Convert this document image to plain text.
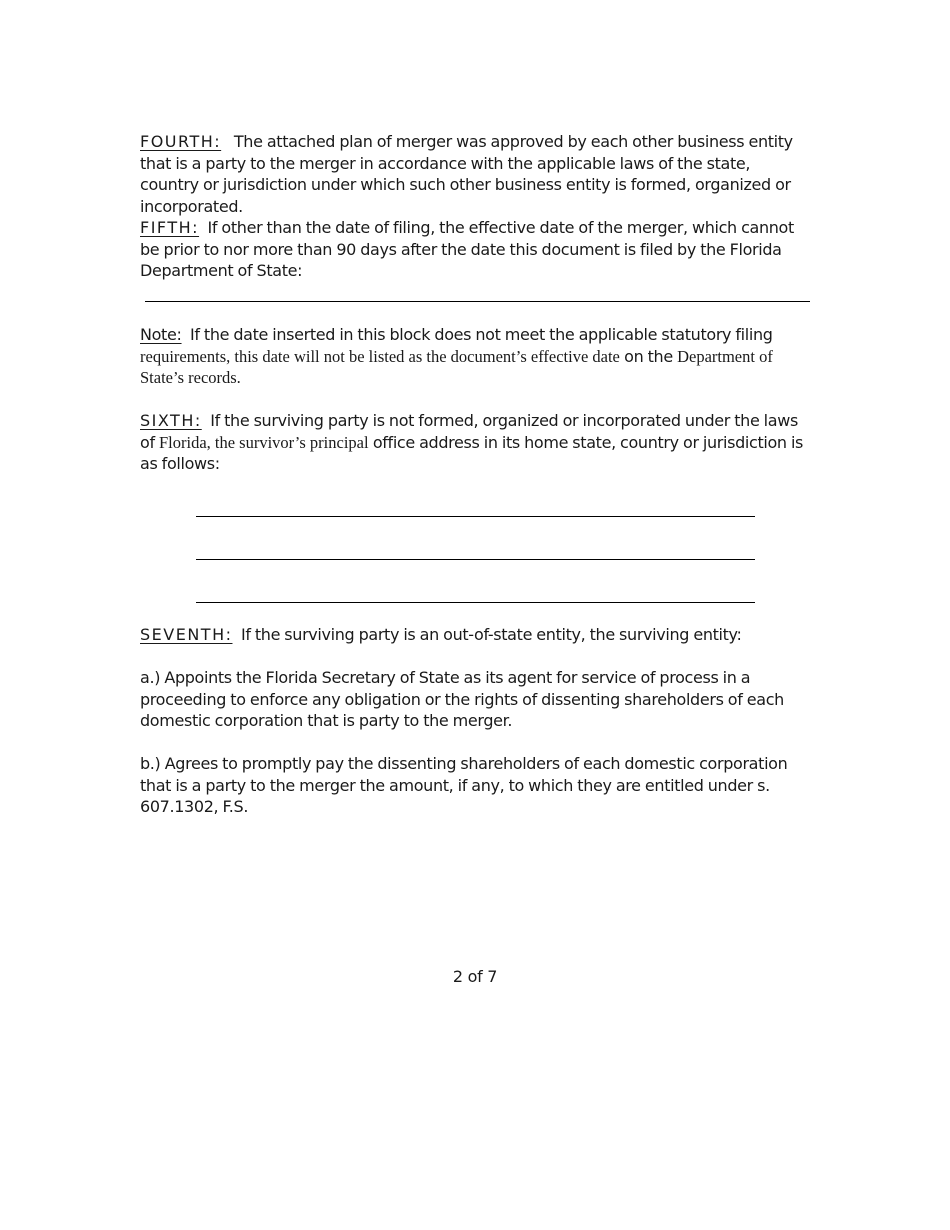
FOURTH: The attached plan of merger was approved by each other business entity that is a party to the merger in accordance with the applicable laws of the state, country or jurisdiction under which such other business entity is formed, organized or incorporated.
FIFTH: If other than the date of filing, the effective date of the merger, which cannot be prior to nor more than 90 days after the date this document is filed by the Florida Department of State:
Note: If the date inserted in this block does not meet the applicable statutory filing requirements, this date will not be listed as the document’s effective date on the Department of State’s records.
SIXTH: If the surviving party is not formed, organized or incorporated under the laws of Florida, the survivor’s principal office address in its home state, country or jurisdiction is as follows:
SEVENTH: If the surviving party is an out-of-state entity, the surviving entity:
a.) Appoints the Florida Secretary of State as its agent for service of process in a proceeding to enforce any obligation or the rights of dissenting shareholders of each domestic corporation that is party to the merger.
b.) Agrees to promptly pay the dissenting shareholders of each domestic corporation that is a party to the merger the amount, if any, to which they are entitled under s. 607.1302, F.S.
2 of 7
